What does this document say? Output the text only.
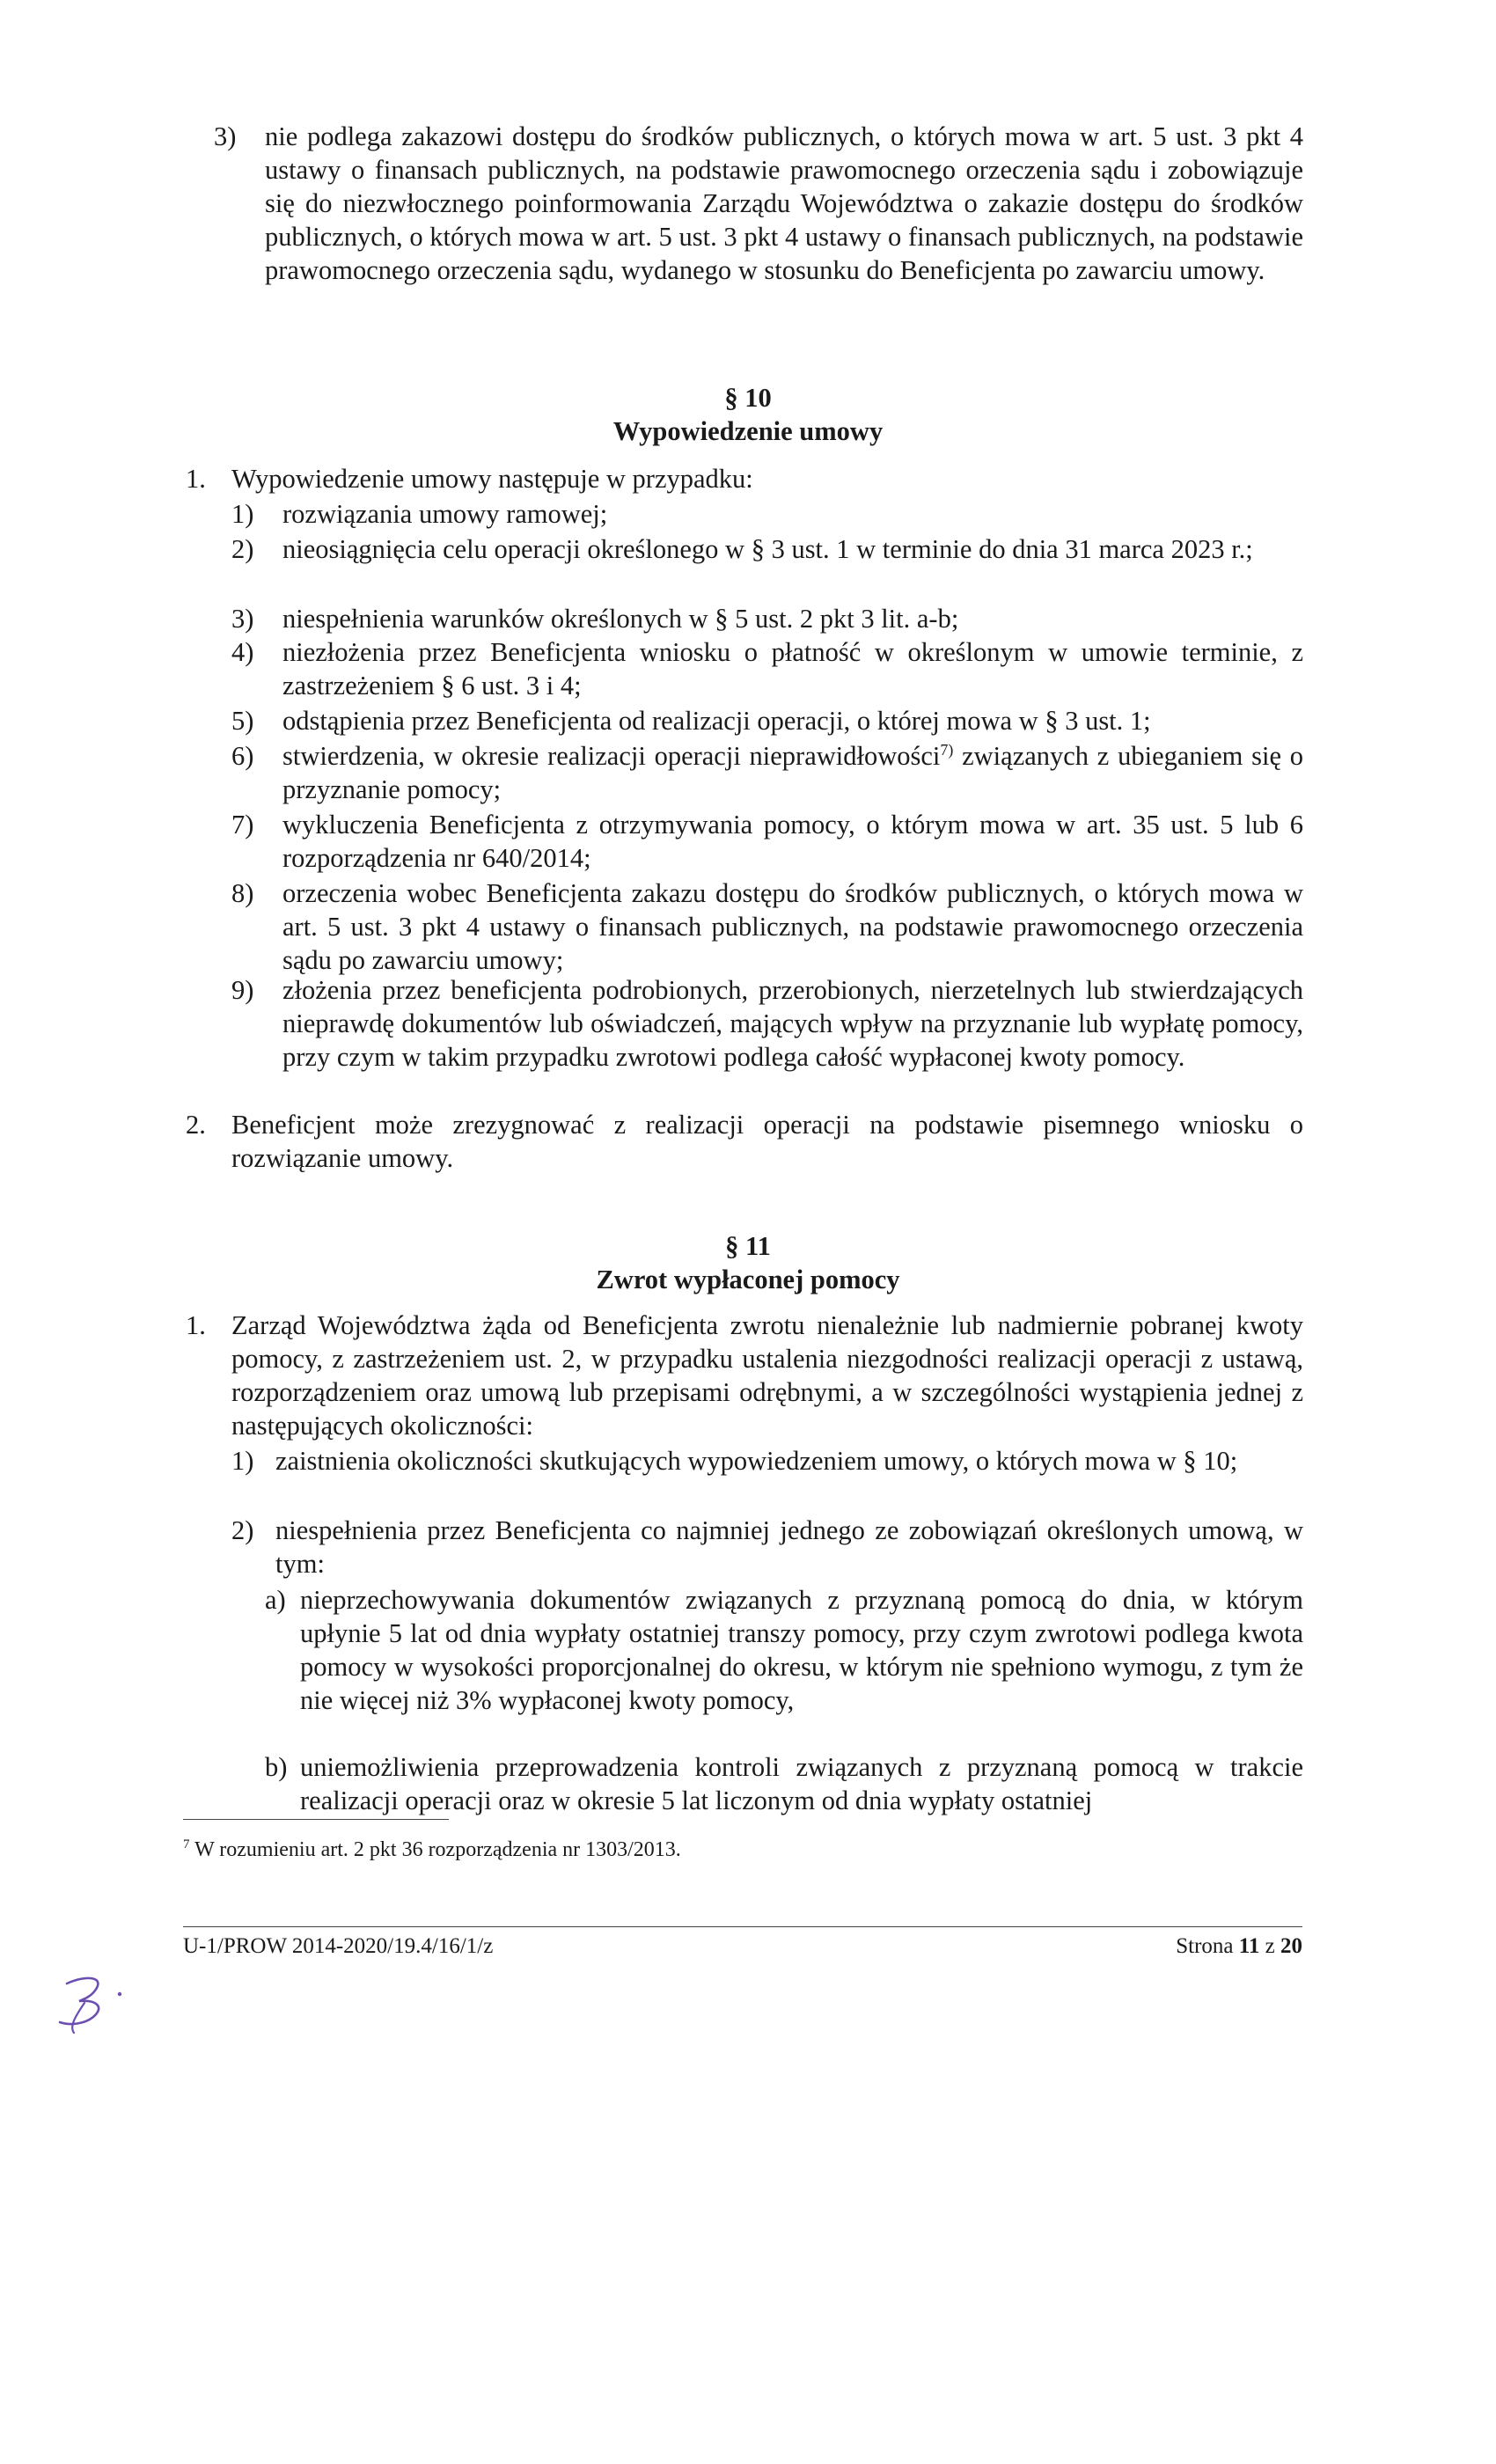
3) nie podlega zakazowi dostępu do środków publicznych, o których mowa w art. 5 ust. 3 pkt 4 ustawy o finansach publicznych, na podstawie prawomocnego orzeczenia sądu i zobowiązuje się do niezwłocznego poinformowania Zarządu Województwa o zakazie dostępu do środków publicznych, o których mowa w art. 5 ust. 3 pkt 4 ustawy o finansach publicznych, na podstawie prawomocnego orzeczenia sądu, wydanego w stosunku do Beneficjenta po zawarciu umowy.
§ 10
Wypowiedzenie umowy
1. Wypowiedzenie umowy następuje w przypadku:
1) rozwiązania umowy ramowej;
2) nieosiągnięcia celu operacji określonego w § 3 ust. 1 w terminie do dnia 31 marca 2023 r.;
3) niespełnienia warunków określonych w § 5 ust. 2 pkt 3 lit. a-b;
4) niezłożenia przez Beneficjenta wniosku o płatność w określonym w umowie terminie, z zastrzeżeniem § 6 ust. 3 i 4;
5) odstąpienia przez Beneficjenta od realizacji operacji, o której mowa w § 3 ust. 1;
6) stwierdzenia, w okresie realizacji operacji nieprawidłowości$^{7)}$ związanych z ubieganiem się o przyznanie pomocy;
7) wykluczenia Beneficjenta z otrzymywania pomocy, o którym mowa w art. 35 ust. 5 lub 6 rozporządzenia nr 640/2014;
8) orzeczenia wobec Beneficjenta zakazu dostępu do środków publicznych, o których mowa w art. 5 ust. 3 pkt 4 ustawy o finansach publicznych, na podstawie prawomocnego orzeczenia sądu po zawarciu umowy;
9) złożenia przez beneficjenta podrobionych, przerobionych, nierzetelnych lub stwierdzających nieprawdę dokumentów lub oświadczeń, mających wpływ na przyznanie lub wypłatę pomocy, przy czym w takim przypadku zwrotowi podlega całość wypłaconej kwoty pomocy.
2. Beneficjent może zrezygnować z realizacji operacji na podstawie pisemnego wniosku o rozwiązanie umowy.
§ 11
Zwrot wypłaconej pomocy
1. Zarząd Województwa żąda od Beneficjenta zwrotu nienależnie lub nadmiernie pobranej kwoty pomocy, z zastrzeżeniem ust. 2, w przypadku ustalenia niezgodności realizacji operacji z ustawą, rozporządzeniem oraz umową lub przepisami odrębnymi, a w szczególności wystąpienia jednej z następujących okoliczności:
1) zaistnienia okoliczności skutkujących wypowiedzeniem umowy, o których mowa w § 10;
2) niespełnienia przez Beneficjenta co najmniej jednego ze zobowiązań określonych umową, w tym:
a) nieprzechowywania dokumentów związanych z przyznaną pomocą do dnia, w którym upłynie 5 lat od dnia wypłaty ostatniej transzy pomocy, przy czym zwrotowi podlega kwota pomocy w wysokości proporcjonalnej do okresu, w którym nie spełniono wymogu, z tym że nie więcej niż 3% wypłaconej kwoty pomocy,
b) uniemożliwienia przeprowadzenia kontroli związanych z przyznaną pomocą w trakcie realizacji operacji oraz w okresie 5 lat liczonym od dnia wypłaty ostatniej
$^7$ W rozumieniu art. 2 pkt 36 rozporządzenia nr 1303/2013.
U-1/PROW 2014-2020/19.4/16/1/z	Strona 11 z 20
